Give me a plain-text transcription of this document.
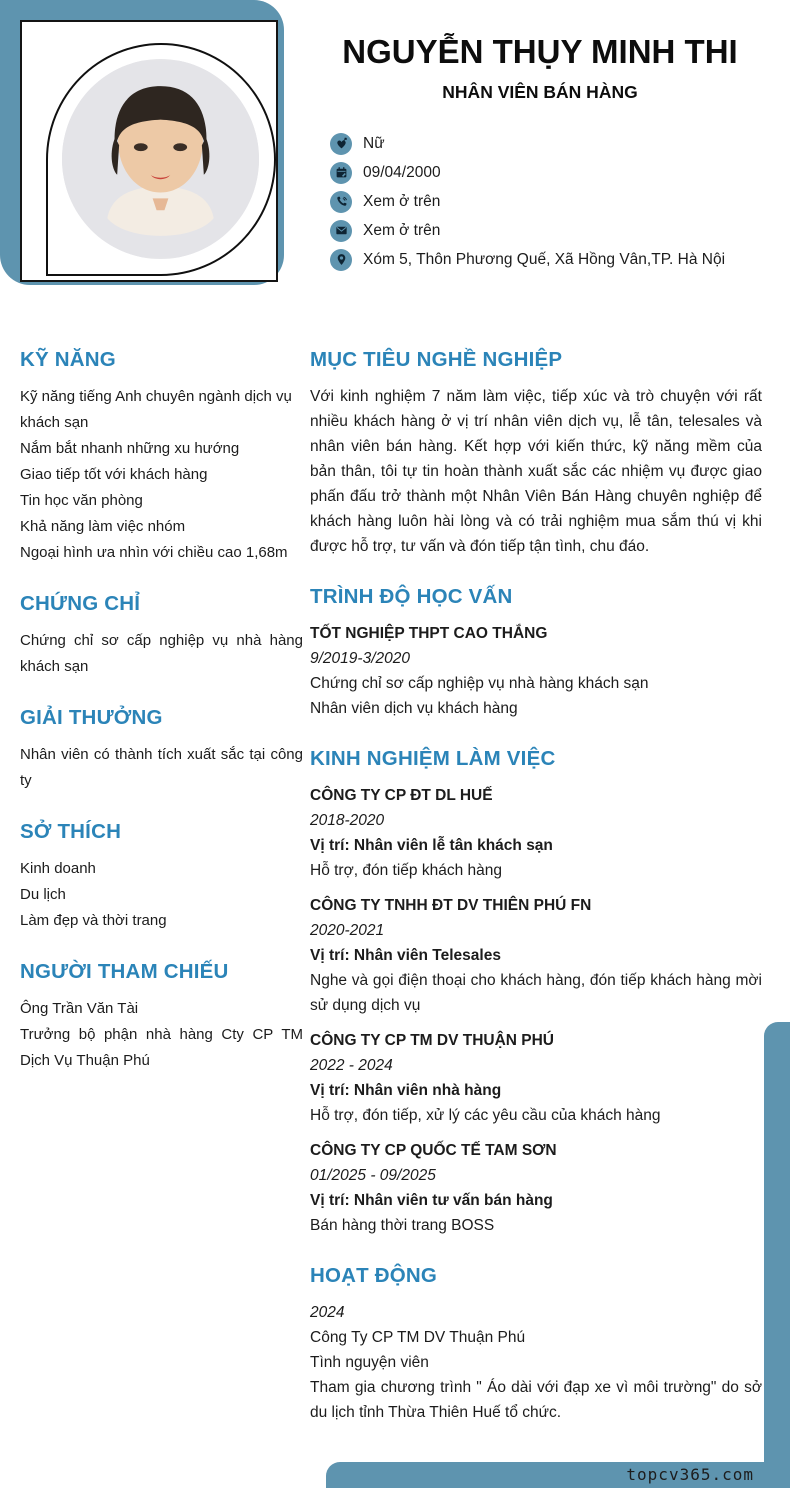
NGUYỄN THỤY MINH THI
NHÂN VIÊN BÁN HÀNG
Nữ
09/04/2000
Xem ở trên
Xem ở trên
Xóm 5, Thôn Phương Quế, Xã Hồng Vân,TP. Hà Nội
KỸ NĂNG

Kỹ năng tiếng Anh chuyên ngành dịch vụ khách sạn

Nắm bắt nhanh những xu hướng

Giao tiếp tốt với khách hàng

Tin học văn phòng

Khả năng làm việc nhóm

Ngoại hình ưa nhìn với chiều cao 1,68m

CHỨNG CHỈ

Chứng chỉ sơ cấp nghiệp vụ nhà hàng khách sạn

GIẢI THƯỞNG

Nhân viên có thành tích xuất sắc tại công ty

SỞ THÍCH

Kinh doanh

Du lịch

Làm đẹp và thời trang

NGƯỜI THAM CHIẾU

Ông Trần Văn Tài

Trưởng bộ phận nhà hàng Cty CP TM Dịch Vụ Thuận Phú

MỤC TIÊU NGHỀ NGHIỆP

Với kinh nghiệm 7 năm làm việc, tiếp xúc và trò chuyện với rất nhiều khách hàng ở vị trí nhân viên dịch vụ, lễ tân, telesales và nhân viên bán hàng. Kết hợp với kiến thức, kỹ năng mềm của bản thân, tôi tự tin hoàn thành xuất sắc các nhiệm vụ được giao phấn đấu trở thành một Nhân Viên Bán Hàng chuyên nghiệp để khách hàng luôn hài lòng và có trải nghiệm mua sắm thú vị khi được hỗ trợ, tư vấn và đón tiếp tận tình, chu đáo.

TRÌNH ĐỘ HỌC VẤN

TỐT NGHIỆP THPT CAO THẮNG

9/2019-3/2020

Chứng chỉ sơ cấp nghiệp vụ nhà hàng khách sạn

Nhân viên dịch vụ khách hàng

KINH NGHIỆM LÀM VIỆC

CÔNG TY CP ĐT DL HUẾ

2018-2020

Vị trí: Nhân viên lễ tân khách sạn

Hỗ trợ, đón tiếp khách hàng

CÔNG TY TNHH ĐT DV THIÊN PHÚ FN

2020-2021

Vị trí: Nhân viên Telesales

Nghe và gọi điện thoại cho khách hàng, đón tiếp khách hàng mời sử dụng dịch vụ

CÔNG TY CP TM DV THUẬN PHÚ

2022 - 2024

Vị trí: Nhân viên nhà hàng

Hỗ trợ, đón tiếp, xử lý các yêu cầu của khách hàng

CÔNG TY CP QUỐC TẾ TAM SƠN

01/2025 - 09/2025

Vị trí: Nhân viên tư vấn bán hàng

Bán hàng thời trang BOSS

HOẠT ĐỘNG

2024

Công Ty CP TM DV Thuận Phú

Tình nguyện viên

Tham gia chương trình " Áo dài với đạp xe vì môi trường" do sở du lịch tỉnh Thừa Thiên Huế tổ chức.

topcv365.com
